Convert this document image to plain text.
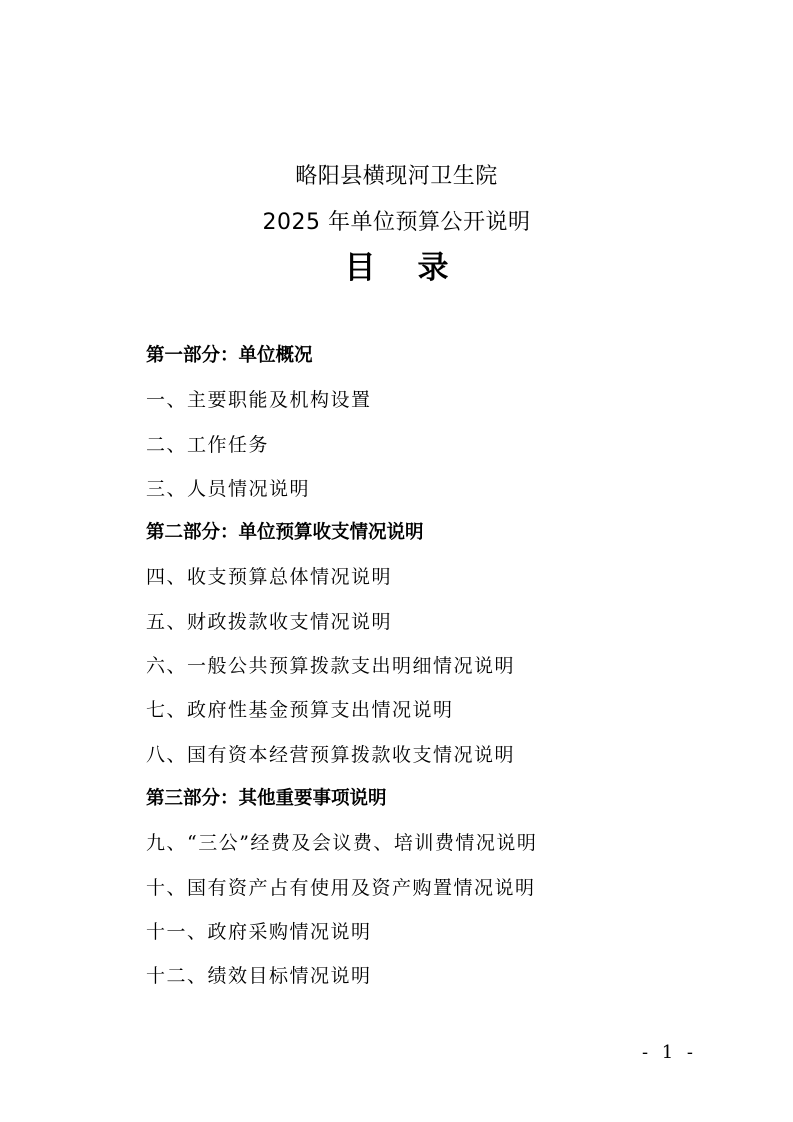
略阳县横现河卫生院
2025 年单位预算公开说明
目 录
第一部分：单位概况
一、主要职能及机构设置
二、工作任务
三、人员情况说明
第二部分：单位预算收支情况说明
四、收支预算总体情况说明
五、财政拨款收支情况说明
六、一般公共预算拨款支出明细情况说明
七、政府性基金预算支出情况说明
八、国有资本经营预算拨款收支情况说明
第三部分：其他重要事项说明
九、“三公”经费及会议费、培训费情况说明
十、国有资产占有使用及资产购置情况说明
十一、政府采购情况说明
十二、绩效目标情况说明
- 1 -
